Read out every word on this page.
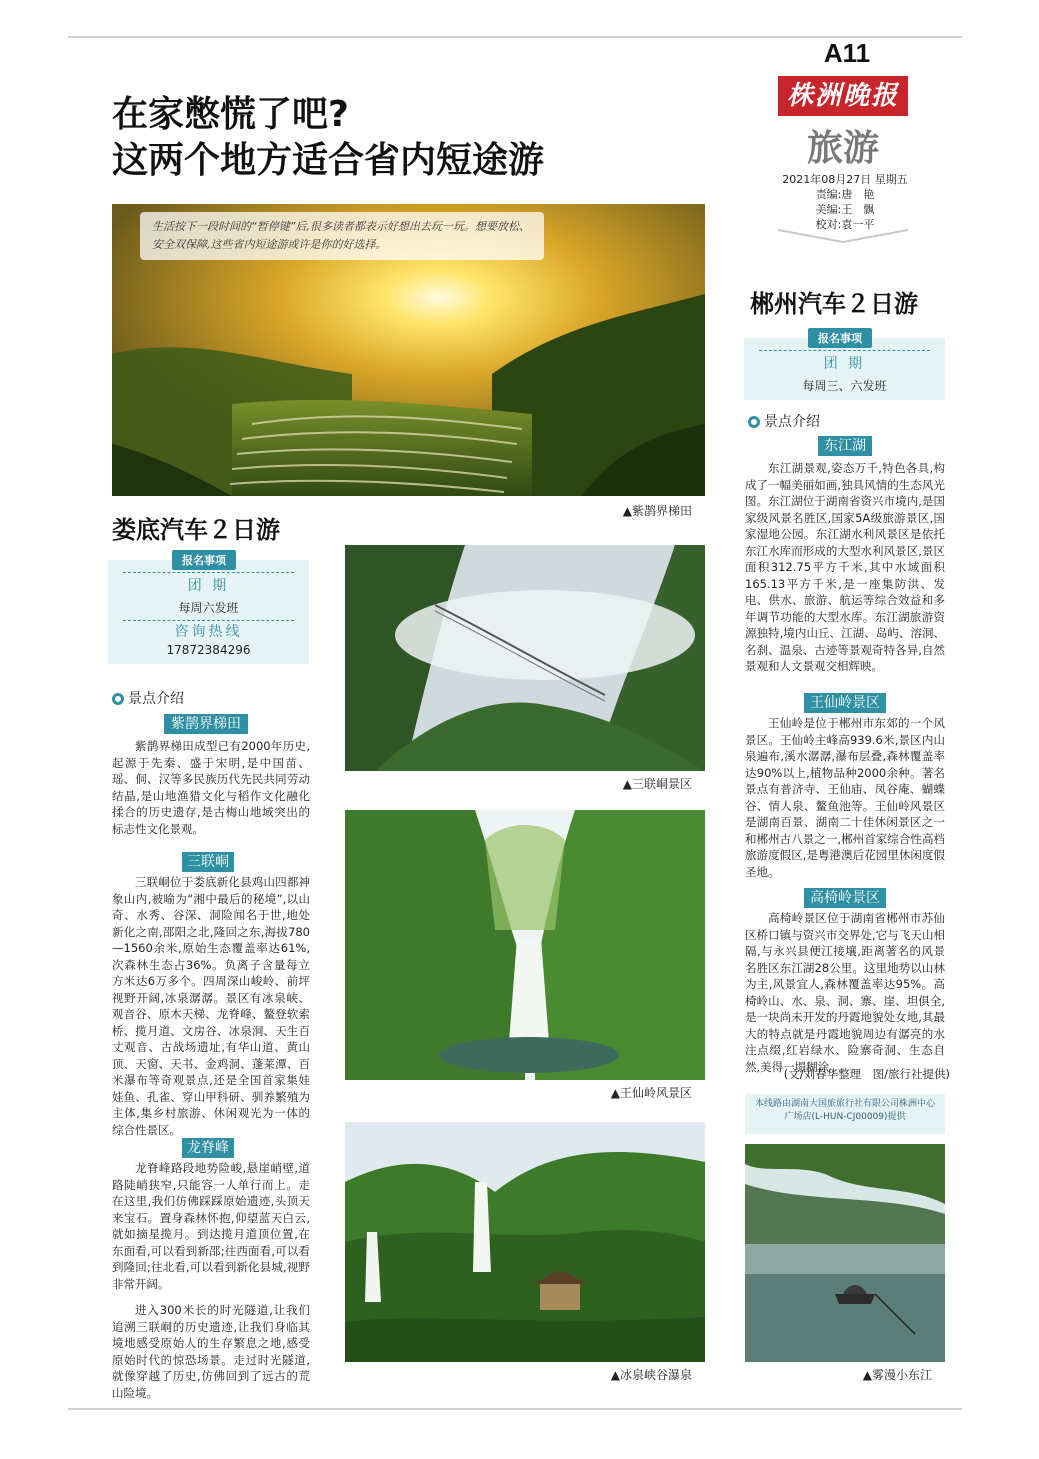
A11
株洲晚报
旅游
2021年08月27日 星期五
责编:唐　艳
美编:王　飘
校对:袁一平
在家憋慌了吧?
这两个地方适合省内短途游
生活按下一段时间的“暂停键”后,很多读者都表示好想出去玩一玩。想要放松、安全双保障,这些省内短途游或许是你的好选择。
▲紫鹊界梯田
娄底汽车２日游
团 期
每周六发班
咨询热线
17872384296
报名事项
景点介绍
紫鹊界梯田
紫鹊界梯田成型已有2000年历史,起源于先秦、盛于宋明,是中国苗、瑶、侗、汉等多民族历代先民共同劳动结晶,是山地渔猎文化与稻作文化融化揉合的历史遗存,是古梅山地域突出的标志性文化景观。
三联峒
三联峒位于娄底新化县鸡山四都神象山内,被喻为“湘中最后的秘境”,以山奇、水秀、谷深、洞险闻名于世,地处新化之南,邵阳之北,隆回之东,海拔780—1560余米,原始生态覆盖率达61%,次森林生态占36%。负离子含量每立方米达6万多个。四周深山峻岭、前坪视野开阔,冰泉潺潺。景区有冰泉峡、观音谷、原木天梯、龙脊峰、鳌登软索桥、揽月道、文房谷、冰泉洞、天生百丈观音、古战场遗址,有华山道、黄山顶、天窗、天书、金鸡洞、蓬莱潭、百米瀑布等奇观景点,还是全国首家集娃娃鱼、孔雀、穿山甲科研、驯养繁殖为主体,集乡村旅游、休闲观光为一体的综合性景区。
龙脊峰
龙脊峰路段地势险峻,悬崖峭壁,道路陡峭狭窄,只能容一人单行而上。走在这里,我们仿佛踩踩原始遗迹,头顶天来宝石。置身森林怀抱,仰望蓝天白云,就如摘星揽月。到达揽月道顶位置,在东面看,可以看到新邵;往西面看,可以看到隆回;往北看,可以看到新化县城,视野非常开阔。
进入300米长的时光隧道,让我们追溯三联峒的历史遗迹,让我们身临其境地感受原始人的生存繁息之地,感受原始时代的惊恐场景。走过时光隧道,就像穿越了历史,仿佛回到了远古的荒山险境。
▲三联峒景区
▲王仙岭风景区
▲冰泉峡谷瀑泉
郴州汽车２日游
团 期
每周三、六发班
报名事项
景点介绍
东江湖
东江湖景观,姿态万千,特色各具,构成了一幅美丽如画,独具风情的生态风光图。东江湖位于湖南省资兴市境内,是国家级风景名胜区,国家5A级旅游景区,国家湿地公园。东江湖水利风景区是依托东江水库而形成的大型水利风景区,景区面积312.75平方千米,其中水域面积165.13平方千米,是一座集防洪、发电、供水、旅游、航运等综合效益和多年调节功能的大型水库。东江湖旅游资源独特,境内山丘、江湖、岛屿、溶洞、名刹、温泉、古迹等景观奇特各异,自然景观和人文景观交相辉映。
王仙岭景区
王仙岭是位于郴州市东郊的一个风景区。王仙岭主峰高939.6米,景区内山泉遍布,溪水潺潺,瀑布层叠,森林覆盖率达90%以上,植物品种2000余种。著名景点有普济寺、王仙庙、凤谷庵、蝴蝶谷、情人泉、鳌鱼池等。王仙岭风景区是湖南百景、湖南二十佳休闲景区之一和郴州古八景之一,郴州首家综合性高档旅游度假区,是粤港澳后花园里休闲度假圣地。
高椅岭景区
高椅岭景区位于湖南省郴州市苏仙区桥口镇与资兴市交界处,它与飞天山相隔,与永兴县便江接壤,距离著名的风景名胜区东江湖28公里。这里地势以山林为主,风景宜人,森林覆盖率达95%。高椅岭山、水、泉、洞、寨、崖、坦俱全,是一块尚未开发的丹霞地貌处女地,其最大的特点就是丹霞地貌周边有潺亮的水注点缀,红岩绿水、险寨奇洞、生态自然,美得一塌糊涂。
(文/刘春华整理　图/旅行社提供)
本线路由湖南大国旅旅行社有限公司株洲中心广场店(L-HUN-CJ00009)提供
▲雾漫小东江
